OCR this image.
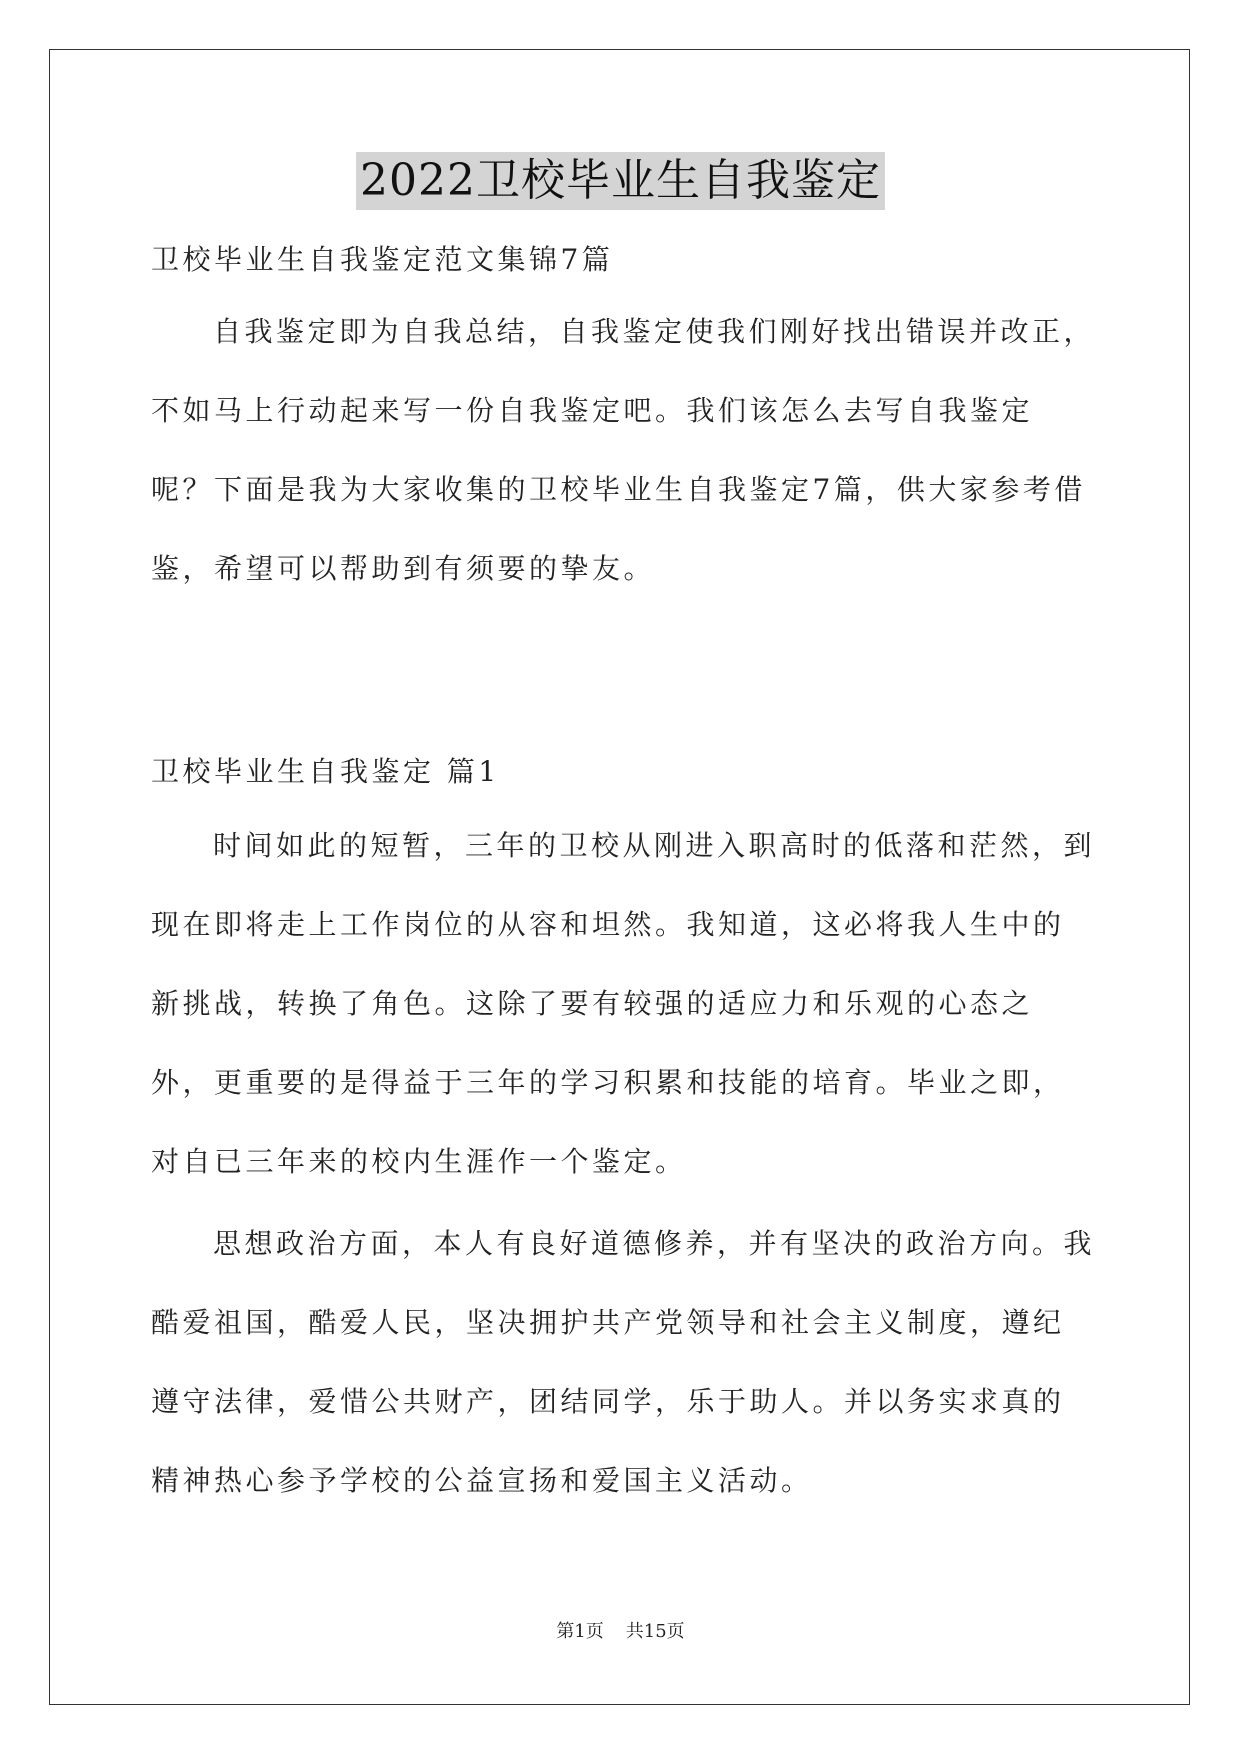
2022卫校毕业生自我鉴定

卫校毕业生自我鉴定范文集锦7篇

自我鉴定即为自我总结，自我鉴定使我们刚好找出错误并改正，不如马上行动起来写一份自我鉴定吧。我们该怎么去写自我鉴定呢？下面是我为大家收集的卫校毕业生自我鉴定7篇，供大家参考借鉴，希望可以帮助到有须要的挚友。

卫校毕业生自我鉴定 篇1

时间如此的短暂，三年的卫校从刚进入职高时的低落和茫然，到现在即将走上工作岗位的从容和坦然。我知道，这必将我人生中的新挑战，转换了角色。这除了要有较强的适应力和乐观的心态之外，更重要的是得益于三年的学习积累和技能的培育。毕业之即，对自已三年来的校内生涯作一个鉴定。

思想政治方面，本人有良好道德修养，并有坚决的政治方向。我酷爱祖国，酷爱人民，坚决拥护共产党领导和社会主义制度，遵纪遵守法律，爱惜公共财产，团结同学，乐于助人。并以务实求真的精神热心参予学校的公益宣扬和爱国主义活动。

第1页 共15页
